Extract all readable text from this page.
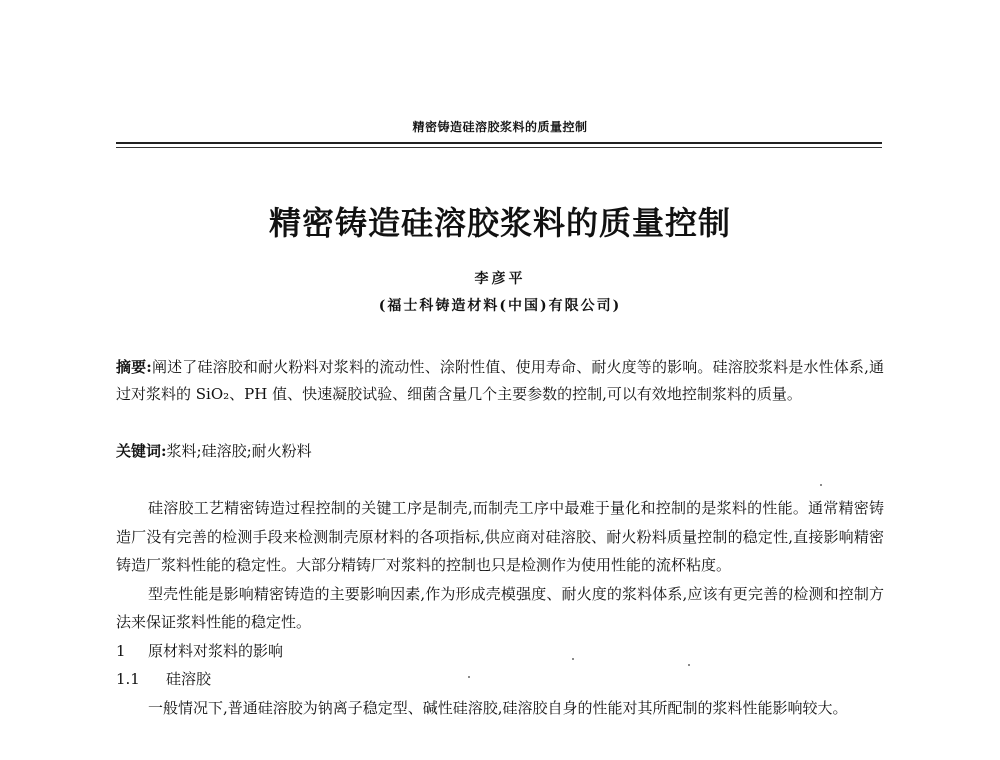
精密铸造硅溶胶浆料的质量控制
精密铸造硅溶胶浆料的质量控制
李彦平
(福士科铸造材料(中国)有限公司)
摘要:阐述了硅溶胶和耐火粉料对浆料的流动性、涂附性值、使用寿命、耐火度等的影响。硅溶胶浆料是水性体系,通过对浆料的 SiO₂、PH 值、快速凝胶试验、细菌含量几个主要参数的控制,可以有效地控制浆料的质量。
关键词:浆料;硅溶胶;耐火粉料

硅溶胶工艺精密铸造过程控制的关键工序是制壳,而制壳工序中最难于量化和控制的是浆料的性能。通常精密铸造厂没有完善的检测手段来检测制壳原材料的各项指标,供应商对硅溶胶、耐火粉料质量控制的稳定性,直接影响精密铸造厂浆料性能的稳定性。大部分精铸厂对浆料的控制也只是检测作为使用性能的流杯粘度。

型壳性能是影响精密铸造的主要影响因素,作为形成壳模强度、耐火度的浆料体系,应该有更完善的检测和控制方法来保证浆料性能的稳定性。

1 原材料对浆料的影响
1.1 硅溶胶

一般情况下,普通硅溶胶为钠离子稳定型、碱性硅溶胶,硅溶胶自身的性能对其所配制的浆料性能影响较大。
